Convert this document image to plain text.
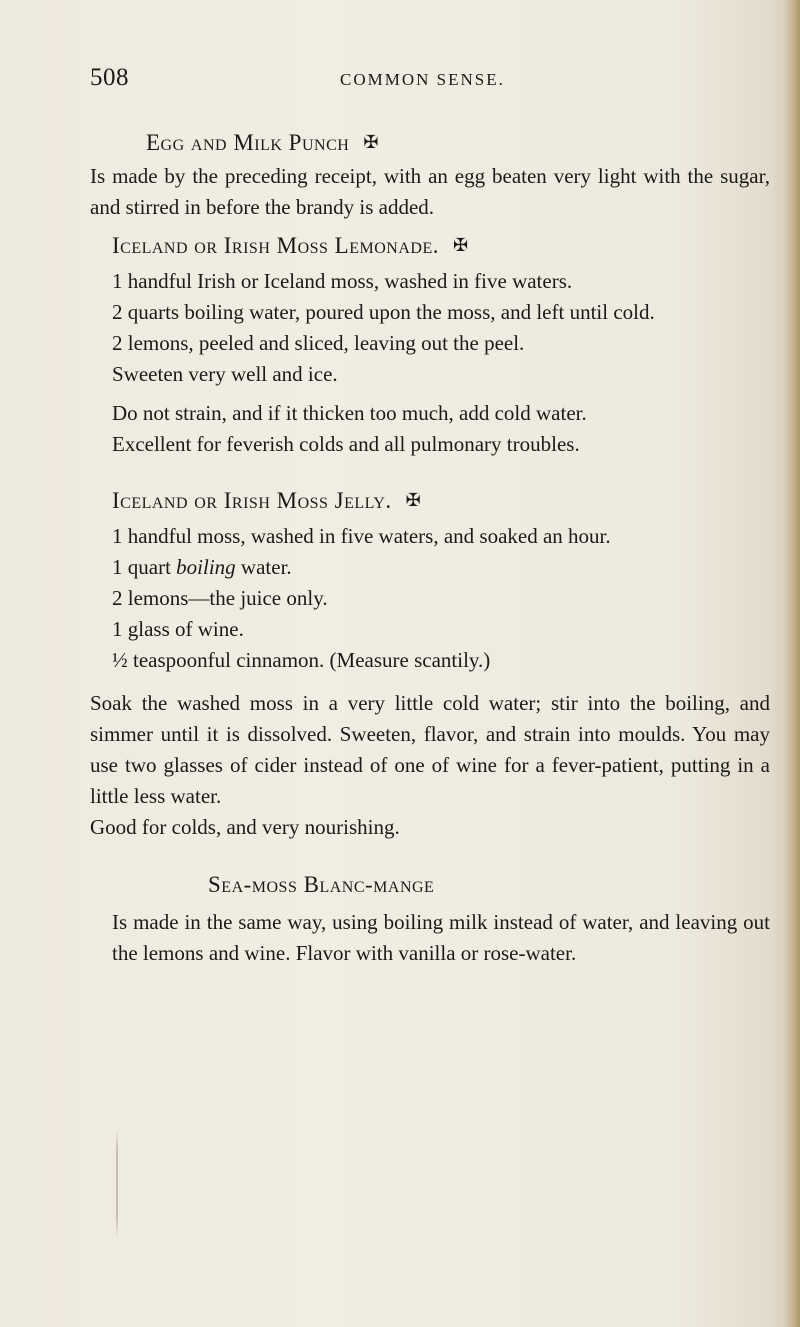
508	COMMON SENSE.
Egg and Milk Punch ✠

Is made by the preceding receipt, with an egg beaten very light with the sugar, and stirred in before the brandy is added.

Iceland or Irish Moss Lemonade. ✠

1 handful Irish or Iceland moss, washed in five waters.

2 quarts boiling water, poured upon the moss, and left until cold.

2 lemons, peeled and sliced, leaving out the peel.

Sweeten very well and ice.

Do not strain, and if it thicken too much, add cold water.

Excellent for feverish colds and all pulmonary troubles.

Iceland or Irish Moss Jelly. ✠

1 handful moss, washed in five waters, and soaked an hour.

1 quart boiling water.

2 lemons—the juice only.

1 glass of wine.

½ teaspoonful cinnamon. (Measure scantily.)

Soak the washed moss in a very little cold water; stir into the boiling, and simmer until it is dissolved. Sweeten, flavor, and strain into moulds. You may use two glasses of cider instead of one of wine for a fever-patient, putting in a little less water.

Good for colds, and very nourishing.

Sea-moss Blanc-mange

Is made in the same way, using boiling milk instead of water, and leaving out the lemons and wine. Flavor with vanilla or rose-water.
